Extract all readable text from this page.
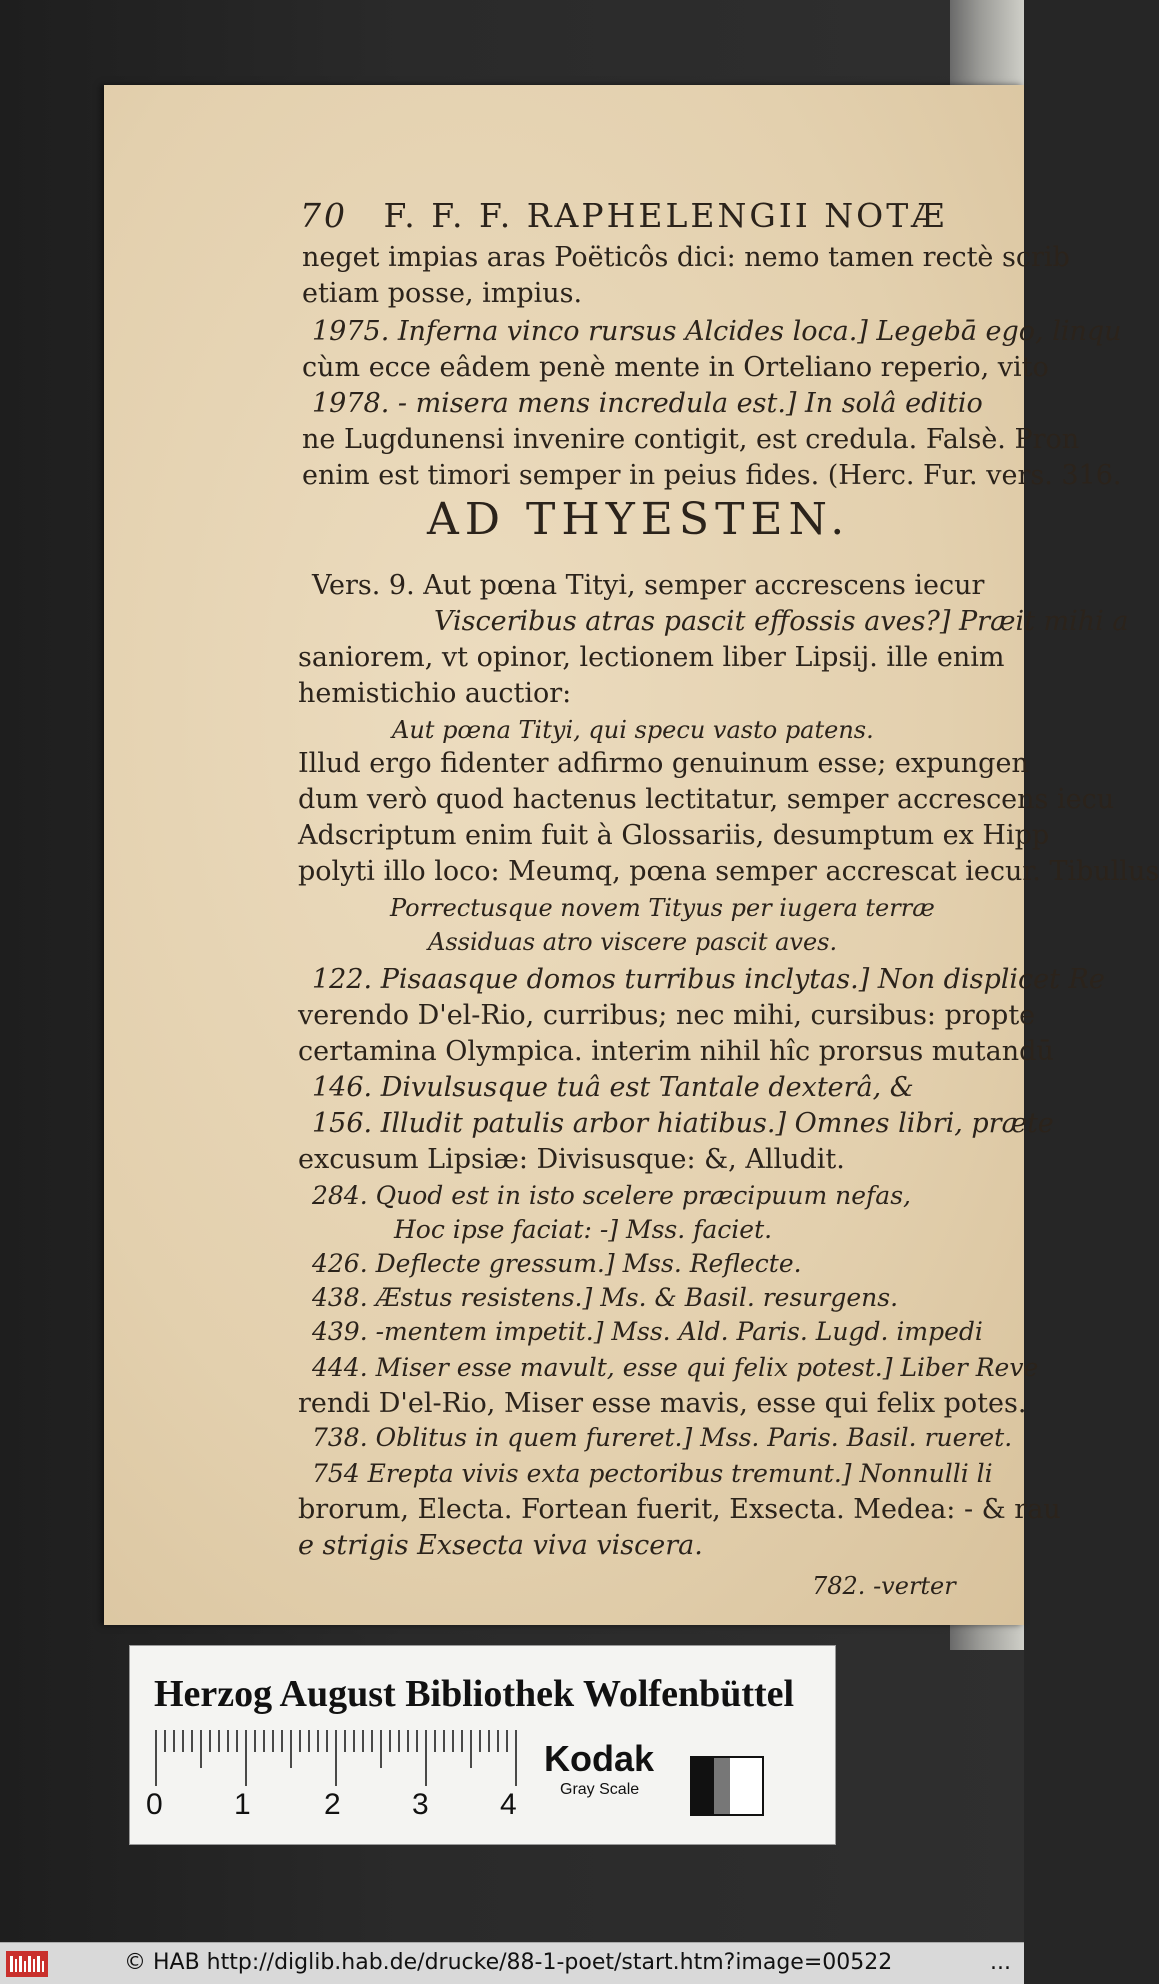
70 F. F. F. RAPHELENGII NOTÆ
neget impias aras Poëticôs dici: nemo tamen rectè scrib
etiam posse, impius.
1975. Inferna vinco rursus Alcides loca.] Legebā ego, linqu
cùm ecce eâdem penè mente in Orteliano reperio, vito
1978. - misera mens incredula est.] In solâ editio
ne Lugdunensi invenire contigit, est credula. Falsè. Pron
enim est timori semper in peius fides. (Herc. Fur. vers. 316.
AD THYESTEN.
Vers. 9. Aut pœna Tityi, semper accrescens iecur
Visceribus atras pascit effossis aves?] Præit mihi a
saniorem, vt opinor, lectionem liber Lipsij. ille enim
hemistichio auctior:
Aut pœna Tityi, qui specu vasto patens.
Illud ergo fidenter adfirmo genuinum esse; expungen
dum verò quod hactenus lectitatur, semper accrescens iecu
Adscriptum enim fuit à Glossariis, desumptum ex Hipp
polyti illo loco: Meumq, pœna semper accrescat iecur. Tibullus
Porrectusque novem Tityus per iugera terræ
Assiduas atro viscere pascit aves.
122. Pisaasque domos turribus inclytas.] Non displicet Re
verendo D'el-Rio, curribus; nec mihi, cursibus: propte
certamina Olympica. interim nihil hîc prorsus mutandū
146. Divulsusque tuâ est Tantale dexterâ, &
156. Illudit patulis arbor hiatibus.] Omnes libri, præte
excusum Lipsiæ: Divisusque: &, Alludit.
284. Quod est in isto scelere præcipuum nefas,
Hoc ipse faciat: -] Mss. faciet.
426. Deflecte gressum.] Mss. Reflecte.
438. Æstus resistens.] Ms. & Basil. resurgens.
439. -mentem impetit.] Mss. Ald. Paris. Lugd. impedi
444. Miser esse mavult, esse qui felix potest.] Liber Reve
rendi D'el-Rio, Miser esse mavis, esse qui felix potes.
738. Oblitus in quem fureret.] Mss. Paris. Basil. rueret.
754 Erepta vivis exta pectoribus tremunt.] Nonnulli li
brorum, Electa. Fortean fuerit, Exsecta. Medea: - & rau
e strigis Exsecta viva viscera.
782. -verter
Herzog August Bibliothek Wolfenbüttel
0 1 2 3 4
Kodak
Gray Scale
© HAB http://diglib.hab.de/drucke/88-1-poet/start.htm?image=00522	...
